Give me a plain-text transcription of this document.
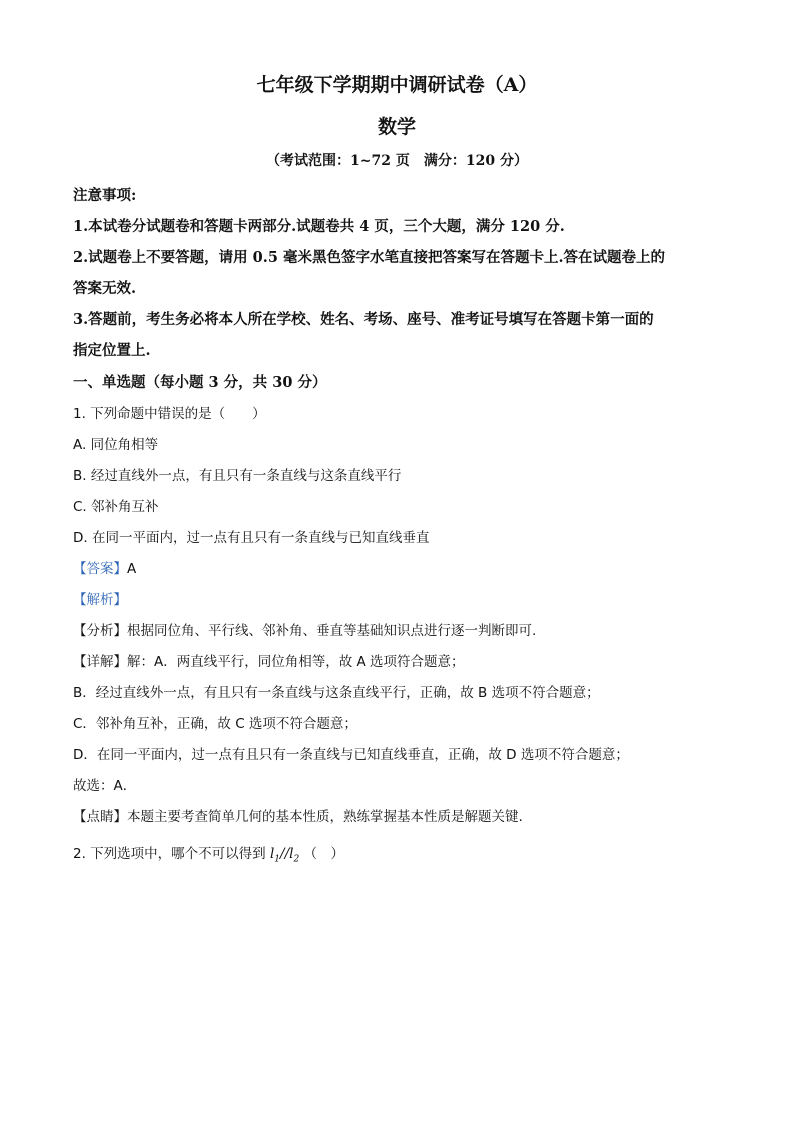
七年级下学期期中调研试卷（A）
数学
（考试范围：1~72 页　满分：120 分）
注意事项:
1.本试卷分试题卷和答题卡两部分.试题卷共 4 页，三个大题，满分 120 分.
2.试题卷上不要答题，请用 0.5 毫米黑色签字水笔直接把答案写在答题卡上.答在试题卷上的
答案无效.
3.答题前，考生务必将本人所在学校、姓名、考场、座号、准考证号填写在答题卡第一面的
指定位置上.
一、单选题（每小题 3 分，共 30 分）
1. 下列命题中错误的是（　　）
A. 同位角相等
B. 经过直线外一点，有且只有一条直线与这条直线平行
C. 邻补角互补
D. 在同一平面内，过一点有且只有一条直线与已知直线垂直
【答案】A
【解析】
【分析】根据同位角、平行线、邻补角、垂直等基础知识点进行逐一判断即可.
【详解】解：A．两直线平行，同位角相等，故 A 选项符合题意；
B．经过直线外一点，有且只有一条直线与这条直线平行，正确，故 B 选项不符合题意；
C．邻补角互补，正确，故 C 选项不符合题意；
D．在同一平面内，过一点有且只有一条直线与已知直线垂直，正确，故 D 选项不符合题意；
故选：A．
【点睛】本题主要考查简单几何的基本性质，熟练掌握基本性质是解题关键.
2. 下列选项中，哪个不可以得到 $l_1//l_2$ （　）
